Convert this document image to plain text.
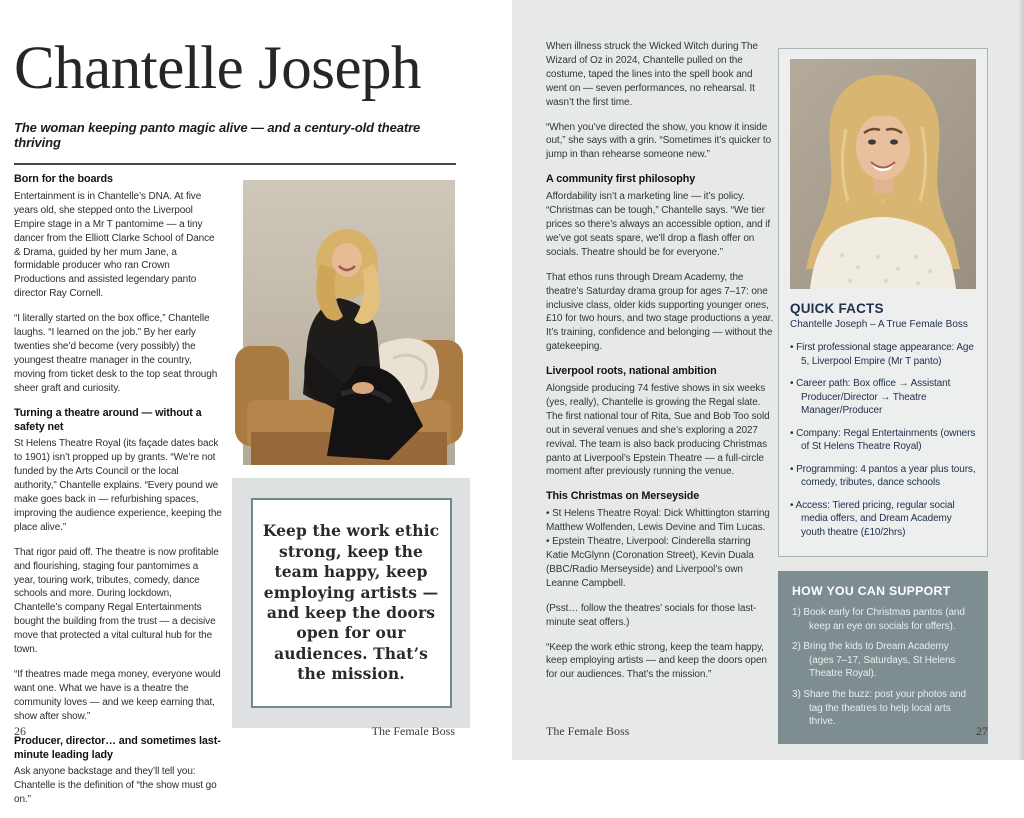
Chantelle Joseph
The woman keeping panto magic alive — and a century-old theatre thriving
Born for the boards
Entertainment is in Chantelle’s DNA. At five years old, she stepped onto the Liverpool Empire stage in a Mr T pantomime — a tiny dancer from the Elliott Clarke School of Dance & Drama, guided by her mum Jane, a formidable producer who ran Crown Productions and assisted legendary panto director Ray Cornell.
“I literally started on the box office,” Chantelle laughs. “I learned on the job.” By her early twenties she’d become (very possibly) the youngest theatre manager in the country, moving from ticket desk to the top seat through sheer graft and curiosity.
Turning a theatre around — without a safety net
St Helens Theatre Royal (its façade dates back to 1901) isn’t propped up by grants. “We’re not funded by the Arts Council or the local authority,” Chantelle explains. “Every pound we make goes back in — refurbishing spaces, improving the audience experience, keeping the place alive.”
That rigor paid off. The theatre is now profitable and flourishing, staging four pantomimes a year, touring work, tributes, comedy, dance schools and more. During lockdown, Chantelle’s company Regal Entertainments bought the building from the trust — a decisive move that protected a vital cultural hub for the town.
“If theatres made mega money, everyone would want one. What we have is a theatre the community loves — and we keep earning that, show after show.”
Producer, director… and sometimes last-minute leading lady
Ask anyone backstage and they’ll tell you: Chantelle is the definition of “the show must go on.”
Keep the work ethic strong, keep the team happy, keep employing artists — and keep the doors open for our audiences. That’s the mission.
26	The Female Boss
When illness struck the Wicked Witch during The Wizard of Oz in 2024, Chantelle pulled on the costume, taped the lines into the spell book and went on — seven performances, no rehearsal. It wasn’t the first time.
“When you’ve directed the show, you know it inside out,” she says with a grin. “Sometimes it’s quicker to jump in than rehearse someone new.”
A community first philosophy
Affordability isn’t a marketing line — it’s policy. “Christmas can be tough,” Chantelle says. “We tier prices so there’s always an accessible option, and if we’ve got seats spare, we’ll drop a flash offer on socials. Theatre should be for everyone.”
That ethos runs through Dream Academy, the theatre’s Saturday drama group for ages 7–17: one inclusive class, older kids supporting younger ones, £10 for two hours, and two stage productions a year. It’s training, confidence and belonging — without the gatekeeping.
Liverpool roots, national ambition
Alongside producing 74 festive shows in six weeks (yes, really), Chantelle is growing the Regal slate. The first national tour of Rita, Sue and Bob Too sold out in several venues and she’s exploring a 2027 revival. The team is also back producing Christmas panto at Liverpool’s Epstein Theatre — a full-circle moment after previously running the venue.
This Christmas on Merseyside
• St Helens Theatre Royal: Dick Whittington starring Matthew Wolfenden, Lewis Devine and Tim Lucas.
• Epstein Theatre, Liverpool: Cinderella starring Katie McGlynn (Coronation Street), Kevin Duala (BBC/Radio Merseyside) and Liverpool’s own Leanne Campbell.
(Psst… follow the theatres’ socials for those last-minute seat offers.)
“Keep the work ethic strong, keep the team happy, keep employing artists — and keep the doors open for our audiences. That’s the mission.”
QUICK FACTS
Chantelle Joseph – A True Female Boss
• First professional stage appearance: Age 5, Liverpool Empire (Mr T panto)
• Career path: Box office → Assistant Producer/Director → Theatre Manager/Producer
• Company: Regal Entertainments (owners of St Helens Theatre Royal)
• Programming: 4 pantos a year plus tours, comedy, tributes, dance schools
• Access: Tiered pricing, regular social media offers, and Dream Academy youth theatre (£10/2hrs)
HOW YOU CAN SUPPORT
1) Book early for Christmas pantos (and keep an eye on socials for offers).
2) Bring the kids to Dream Academy (ages 7–17, Saturdays, St Helens Theatre Royal).
3) Share the buzz: post your photos and tag the theatres to help local arts thrive.
The Female Boss	27
